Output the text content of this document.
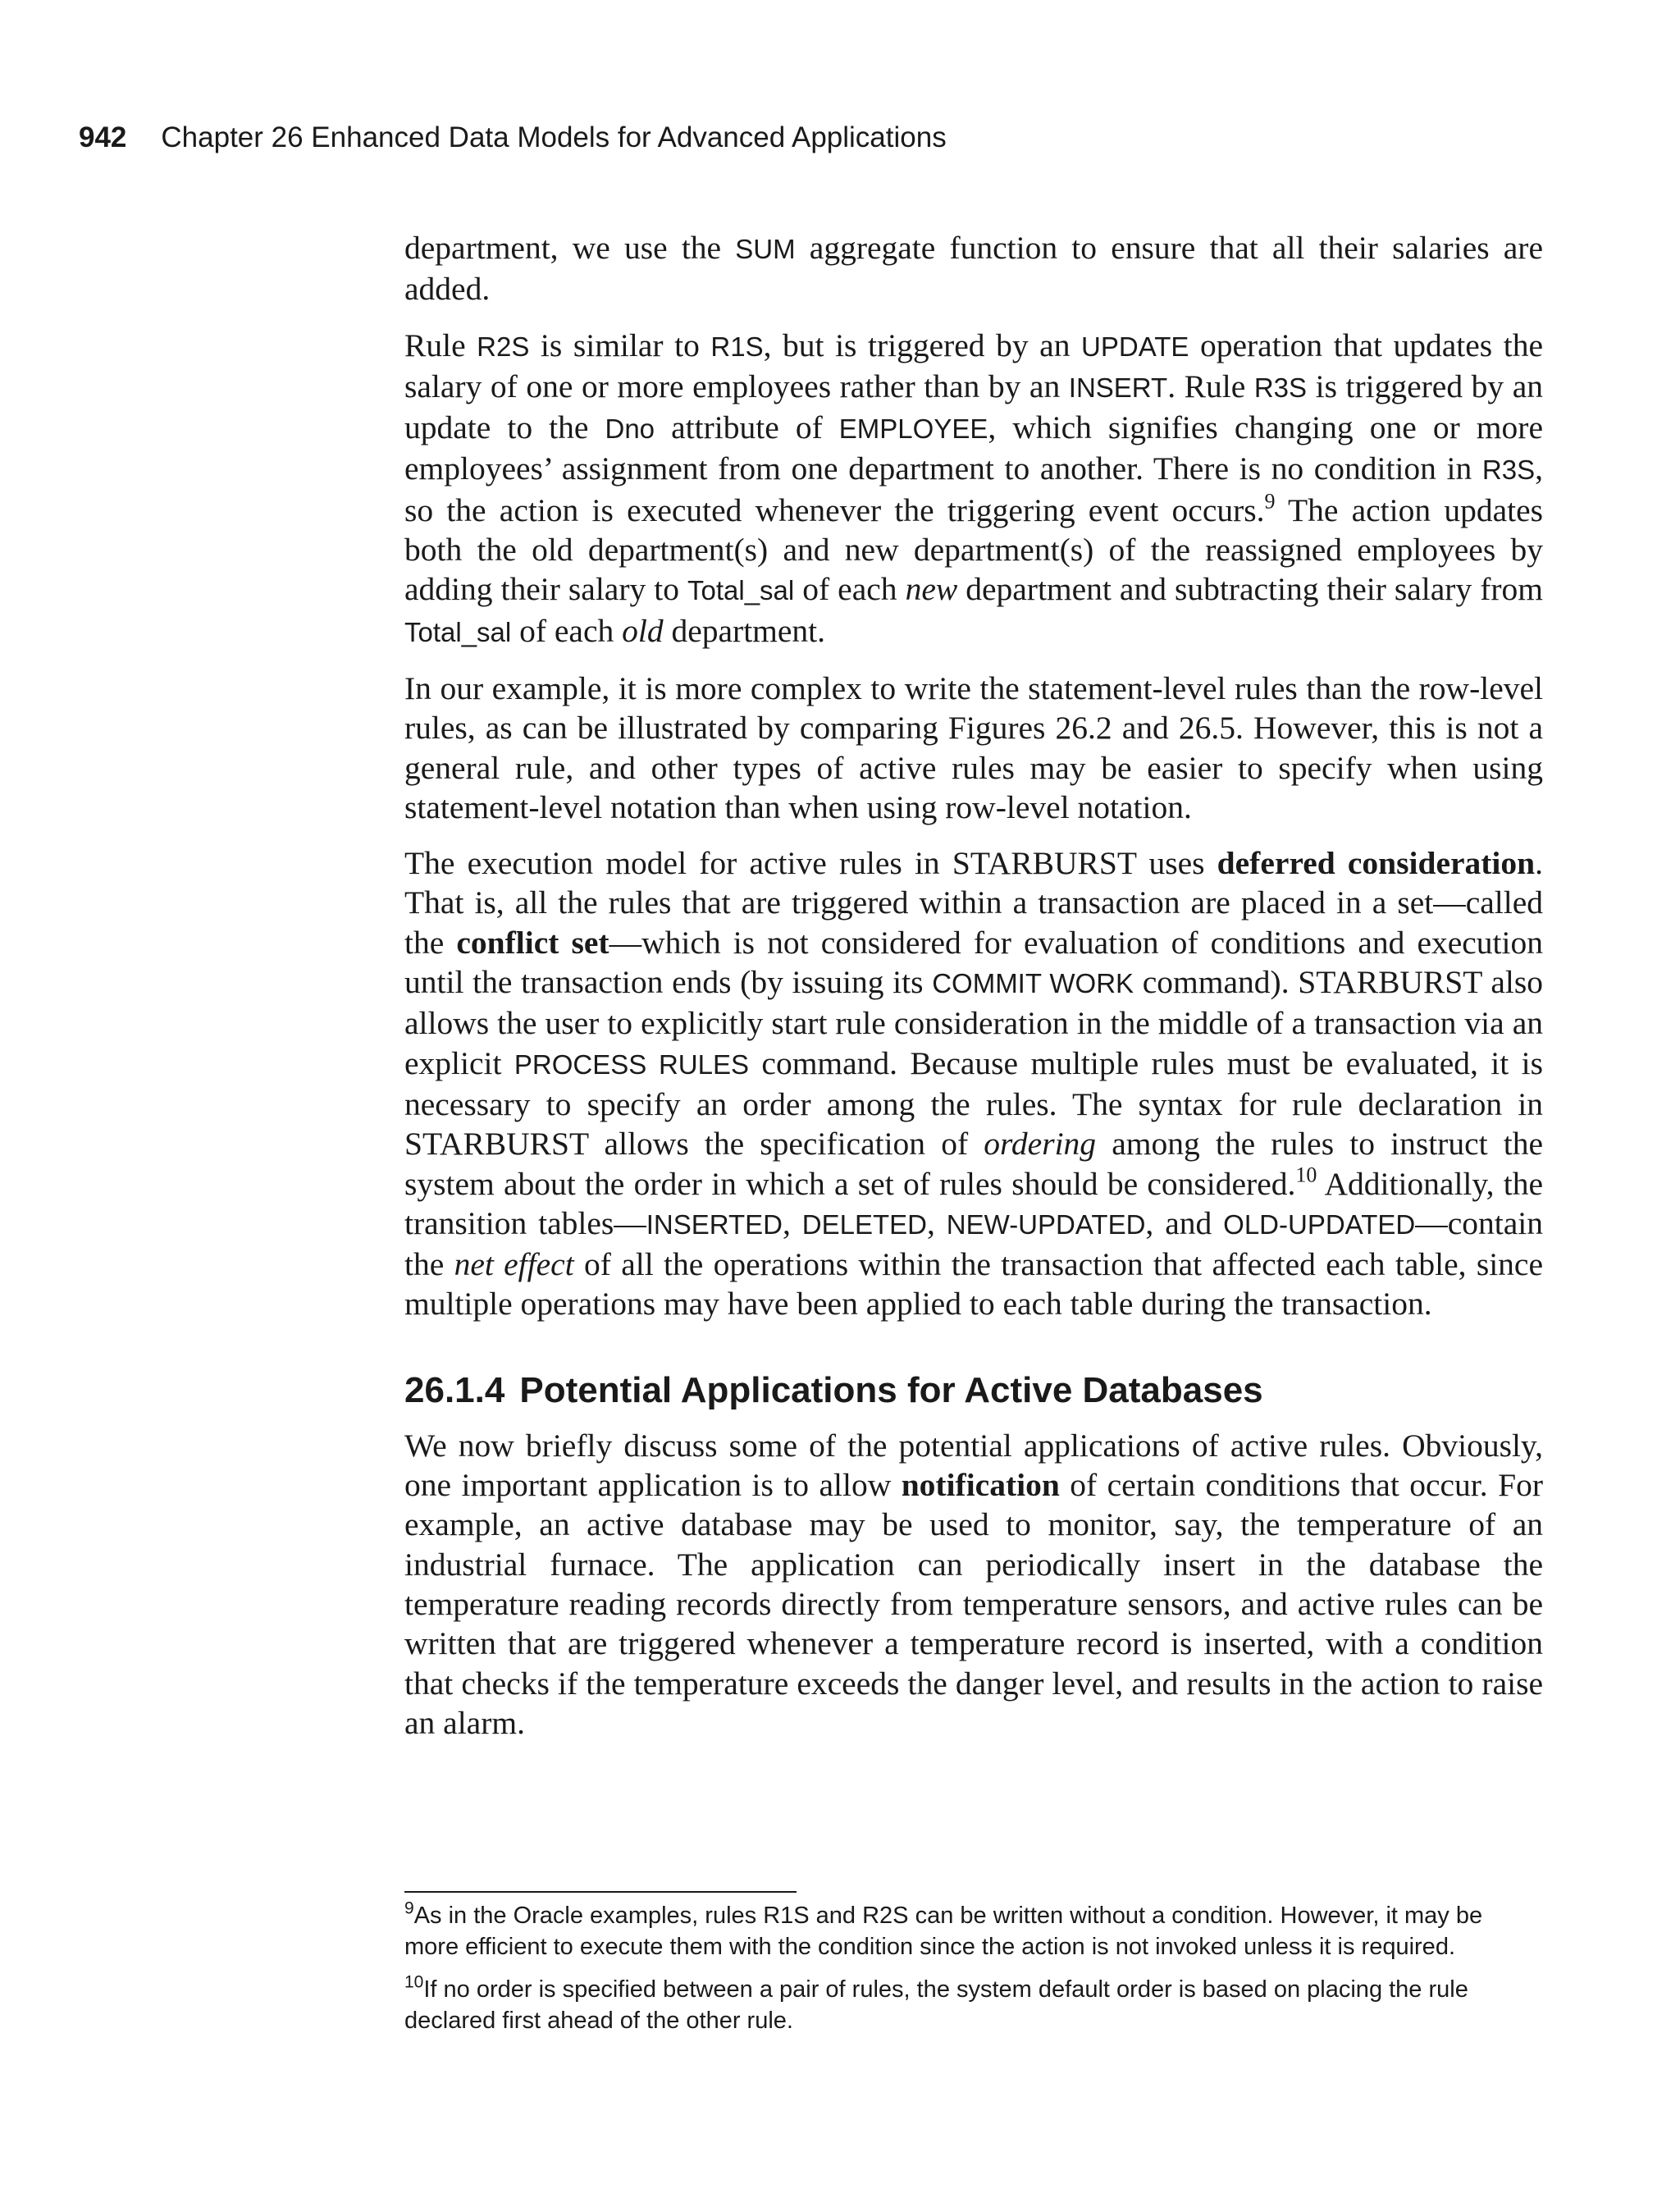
942 Chapter 26 Enhanced Data Models for Advanced Applications

department, we use the SUM aggregate function to ensure that all their salaries are added.

Rule R2S is similar to R1S, but is triggered by an UPDATE operation that updates the salary of one or more employees rather than by an INSERT. Rule R3S is triggered by an update to the Dno attribute of EMPLOYEE, which signifies changing one or more employees’ assignment from one department to another. There is no condition in R3S, so the action is executed whenever the triggering event occurs.$^9$ The action updates both the old department(s) and new department(s) of the reassigned employees by adding their salary to Total_sal of each new department and subtracting their salary from Total_sal of each old department.

In our example, it is more complex to write the statement-level rules than the row-level rules, as can be illustrated by comparing Figures 26.2 and 26.5. However, this is not a general rule, and other types of active rules may be easier to specify when using statement-level notation than when using row-level notation.

The execution model for active rules in STARBURST uses deferred consideration. That is, all the rules that are triggered within a transaction are placed in a set—called the conflict set—which is not considered for evaluation of conditions and execution until the transaction ends (by issuing its COMMIT WORK command). STARBURST also allows the user to explicitly start rule consideration in the middle of a transaction via an explicit PROCESS RULES command. Because multiple rules must be evaluated, it is necessary to specify an order among the rules. The syntax for rule declaration in STARBURST allows the specification of ordering among the rules to instruct the system about the order in which a set of rules should be considered.$^{10}$ Additionally, the transition tables—INSERTED, DELETED, NEW-UPDATED, and OLD-UPDATED—contain the net effect of all the operations within the transaction that affected each table, since multiple operations may have been applied to each table during the transaction.

26.1.4 Potential Applications for Active Databases

We now briefly discuss some of the potential applications of active rules. Obviously, one important application is to allow notification of certain conditions that occur. For example, an active database may be used to monitor, say, the temperature of an industrial furnace. The application can periodically insert in the database the temperature reading records directly from temperature sensors, and active rules can be written that are triggered whenever a temperature record is inserted, with a condition that checks if the temperature exceeds the danger level, and results in the action to raise an alarm.

$^9$As in the Oracle examples, rules R1S and R2S can be written without a condition. However, it may be more efficient to execute them with the condition since the action is not invoked unless it is required.

$^{10}$If no order is specified between a pair of rules, the system default order is based on placing the rule declared first ahead of the other rule.
